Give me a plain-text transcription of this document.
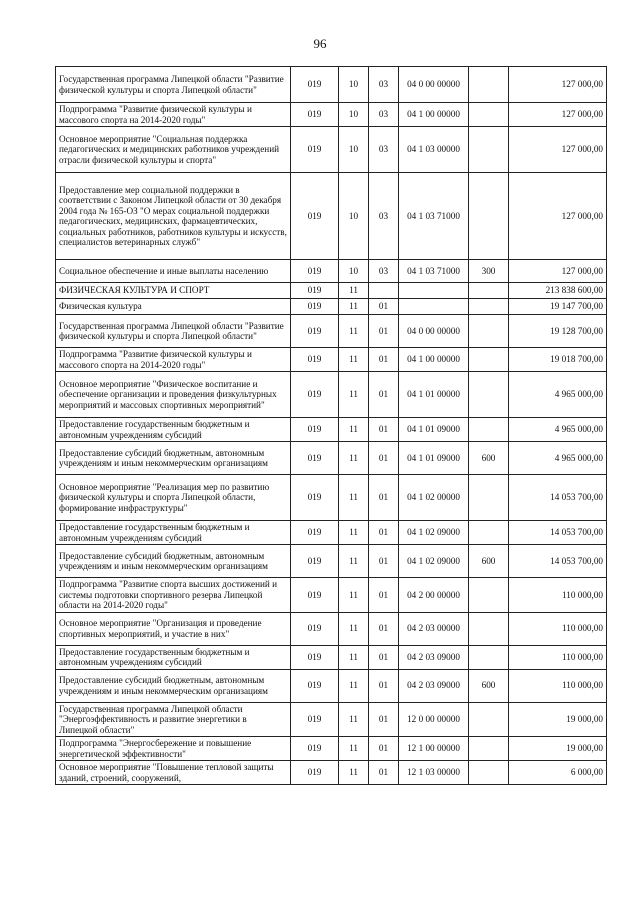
96
Государственная программа Липецкой области "Развитие физической культуры и спорта Липецкой области"	019	10	03	04 0 00 00000		127 000,00
Подпрограмма "Развитие физической культуры и массового спорта на 2014-2020 годы"	019	10	03	04 1 00 00000		127 000,00
Основное мероприятие "Социальная поддержка педагогических и медицинских работников учреждений отрасли физической культуры и спорта"	019	10	03	04 1 03 00000		127 000,00
Предоставление мер социальной поддержки в соответствии с Законом Липецкой области от 30 декабря 2004 года № 165-ОЗ "О мерах социальной поддержки педагогических, медицинских, фармацевтических, социальных работников, работников культуры и искусств, специалистов ветеринарных служб"	019	10	03	04 1 03 71000		127 000,00
Социальное обеспечение и иные выплаты населению	019	10	03	04 1 03 71000	300	127 000,00
ФИЗИЧЕСКАЯ КУЛЬТУРА И СПОРТ	019	11				213 838 600,00
Физическая культура	019	11	01			19 147 700,00
Государственная программа Липецкой области "Развитие физической культуры и спорта Липецкой области"	019	11	01	04 0 00 00000		19 128 700,00
Подпрограмма "Развитие физической культуры и массового спорта на 2014-2020 годы"	019	11	01	04 1 00 00000		19 018 700,00
Основное мероприятие "Физическое воспитание и обеспечение организации и проведения физкультурных мероприятий и массовых спортивных мероприятий"	019	11	01	04 1 01 00000		4 965 000,00
Предоставление государственным бюджетным и автономным учреждениям субсидий	019	11	01	04 1 01 09000		4 965 000,00
Предоставление субсидий бюджетным, автономным учреждениям и иным некоммерческим организациям	019	11	01	04 1 01 09000	600	4 965 000,00
Основное мероприятие "Реализация мер по развитию физической культуры и спорта Липецкой области, формирование инфраструктуры"	019	11	01	04 1 02 00000		14 053 700,00
Предоставление государственным бюджетным и автономным учреждениям субсидий	019	11	01	04 1 02 09000		14 053 700,00
Предоставление субсидий бюджетным, автономным учреждениям и иным некоммерческим организациям	019	11	01	04 1 02 09000	600	14 053 700,00
Подпрограмма "Развитие спорта высших достижений и системы подготовки спортивного резерва Липецкой области на 2014-2020 годы"	019	11	01	04 2 00 00000		110 000,00
Основное мероприятие "Организация и проведение спортивных мероприятий, и участие в них"	019	11	01	04 2 03 00000		110 000,00
Предоставление государственным бюджетным и автономным учреждениям субсидий	019	11	01	04 2 03 09000		110 000,00
Предоставление субсидий бюджетным, автономным учреждениям и иным некоммерческим организациям	019	11	01	04 2 03 09000	600	110 000,00
Государственная программа Липецкой области "Энергоэффективность и развитие энергетики в Липецкой области"	019	11	01	12 0 00 00000		19 000,00
Подпрограмма "Энергосбережение и повышение энергетической эффективности"	019	11	01	12 1 00 00000		19 000,00
Основное мероприятие "Повышение тепловой защиты зданий, строений, сооружений,	019	11	01	12 1 03 00000		6 000,00
